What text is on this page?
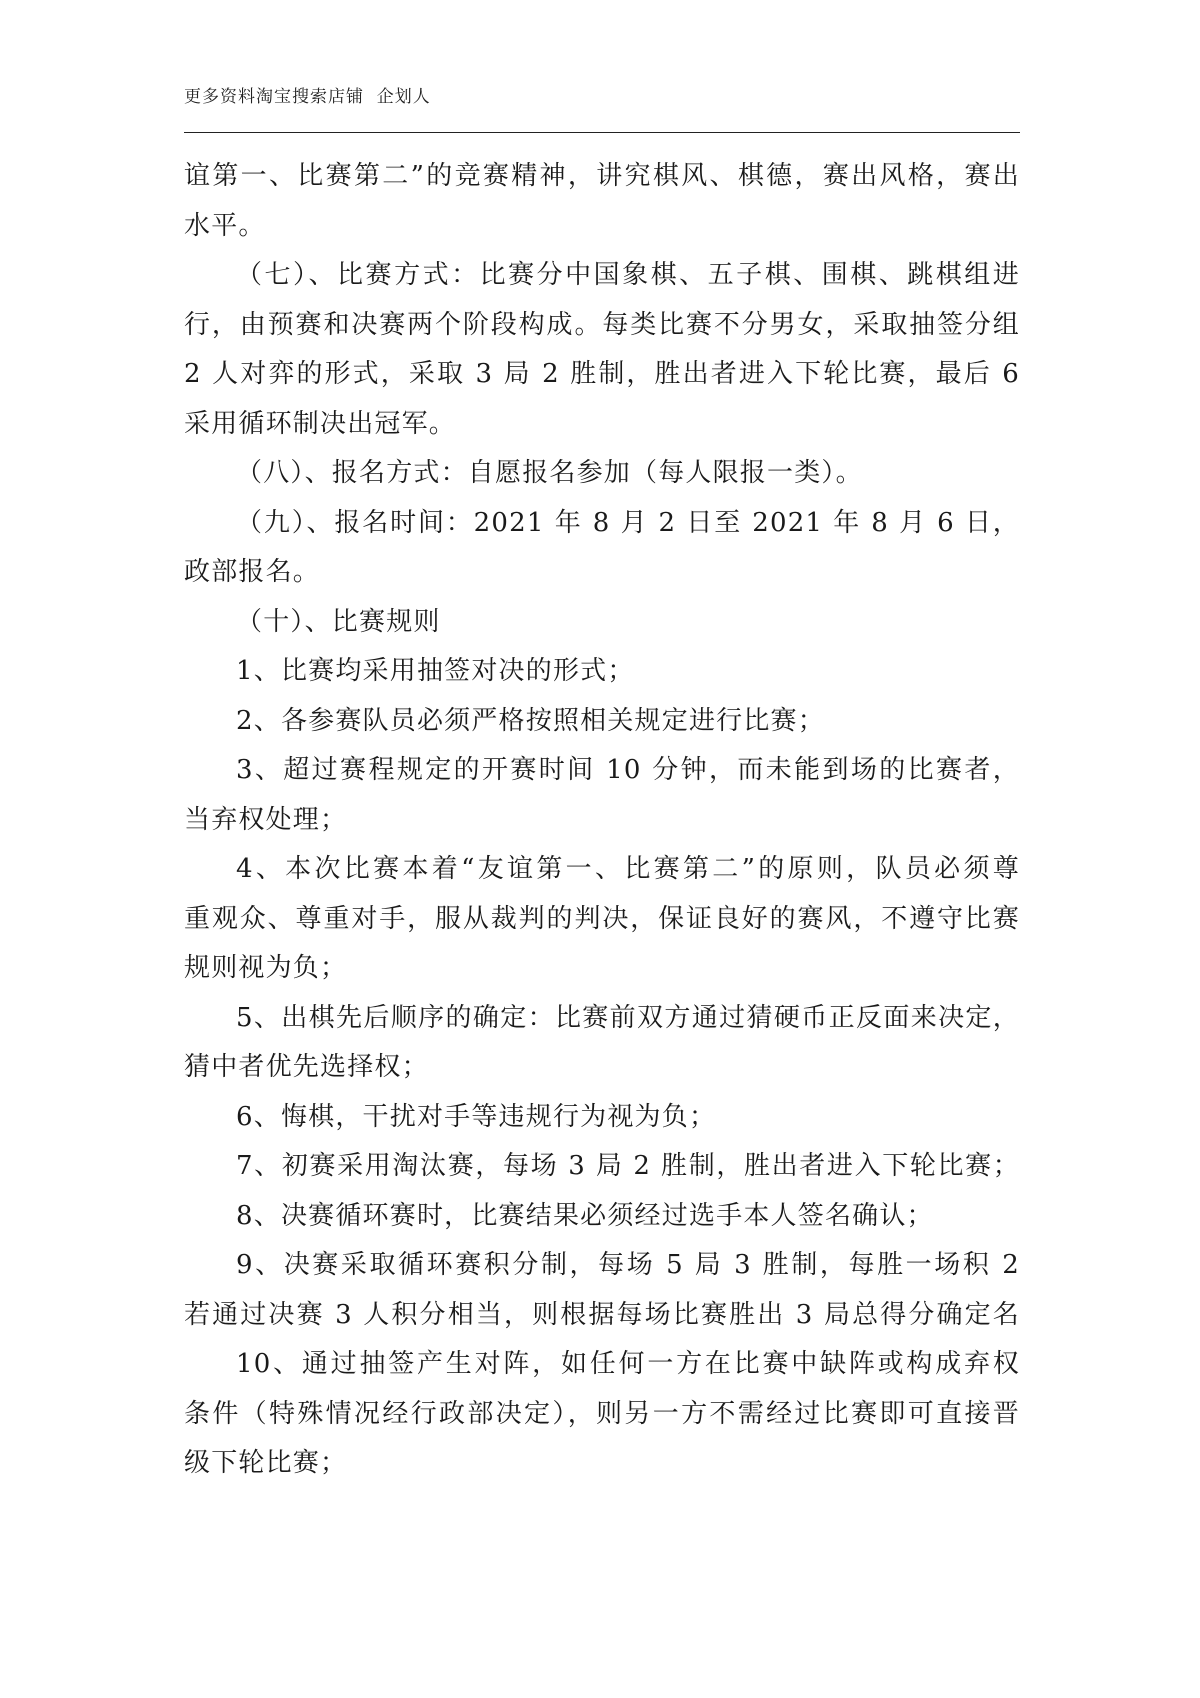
更多资料淘宝搜索店铺  企划人
谊第一、比赛第二”的竞赛精神，讲究棋风、棋德，赛出风格，赛出
水平。
（七）、比赛方式：比赛分中国象棋、五子棋、围棋、跳棋组进
行，由预赛和决赛两个阶段构成。每类比赛不分男女，采取抽签分组
2 人对弈的形式，采取 3 局 2 胜制，胜出者进入下轮比赛，最后 6
采用循环制决出冠军。
（八）、报名方式：自愿报名参加（每人限报一类）。
（九）、报名时间：2021 年 8 月 2 日至 2021 年 8 月 6 日，
政部报名。
（十）、比赛规则
1、比赛均采用抽签对决的形式；
2、各参赛队员必须严格按照相关规定进行比赛；
3、超过赛程规定的开赛时间 10 分钟，而未能到场的比赛者，
当弃权处理；
4、本次比赛本着“友谊第一、比赛第二”的原则，队员必须尊
重观众、尊重对手，服从裁判的判决，保证良好的赛风，不遵守比赛
规则视为负；
5、出棋先后顺序的确定：比赛前双方通过猜硬币正反面来决定，
猜中者优先选择权；
6、悔棋，干扰对手等违规行为视为负；
7、初赛采用淘汰赛，每场 3 局 2 胜制，胜出者进入下轮比赛；
8、决赛循环赛时，比赛结果必须经过选手本人签名确认；
9、决赛采取循环赛积分制，每场 5 局 3 胜制，每胜一场积 2
若通过决赛 3 人积分相当，则根据每场比赛胜出 3 局总得分确定名
10、通过抽签产生对阵，如任何一方在比赛中缺阵或构成弃权
条件（特殊情况经行政部决定），则另一方不需经过比赛即可直接晋
级下轮比赛；
